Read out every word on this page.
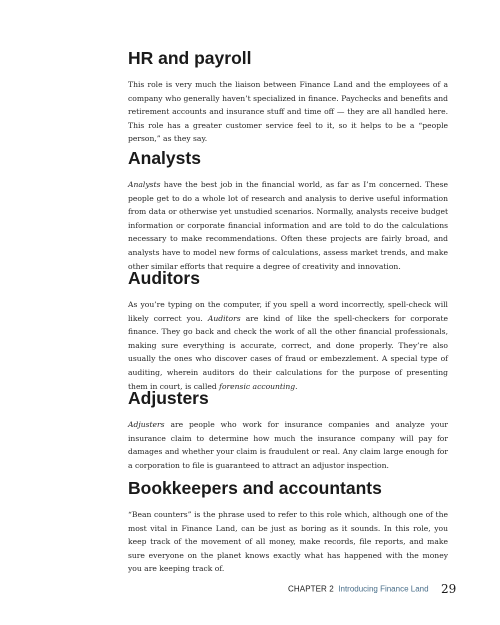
HR and payroll

This role is very much the liaison between Finance Land and the employees of a company who generally haven’t specialized in finance. Paychecks and benefits and retirement accounts and insurance stuff and time off — they are all handled here. This role has a greater customer service feel to it, so it helps to be a “people person,” as they say.

Analysts

Analysts have the best job in the financial world, as far as I’m concerned. These people get to do a whole lot of research and analysis to derive useful information from data or otherwise yet unstudied scenarios. Normally, analysts receive budget information or corporate financial information and are told to do the calculations necessary to make recommendations. Often these projects are fairly broad, and analysts have to model new forms of calculations, assess market trends, and make other similar efforts that require a degree of creativity and innovation.

Auditors

As you’re typing on the computer, if you spell a word incorrectly, spell-check will likely correct you. Auditors are kind of like the spell-checkers for corporate finance. They go back and check the work of all the other financial professionals, making sure everything is accurate, correct, and done properly. They’re also usually the ones who discover cases of fraud or embezzlement. A special type of auditing, wherein auditors do their calculations for the purpose of presenting them in court, is called forensic accounting.

Adjusters

Adjusters are people who work for insurance companies and analyze your insurance claim to determine how much the insurance company will pay for damages and whether your claim is fraudulent or real. Any claim large enough for a corporation to file is guaranteed to attract an adjustor inspection.

Bookkeepers and accountants

“Bean counters” is the phrase used to refer to this role which, although one of the most vital in Finance Land, can be just as boring as it sounds. In this role, you keep track of the movement of all money, make records, file reports, and make sure everyone on the planet knows exactly what has happened with the money you are keeping track of.

CHAPTER 2 Introducing Finance Land 29
